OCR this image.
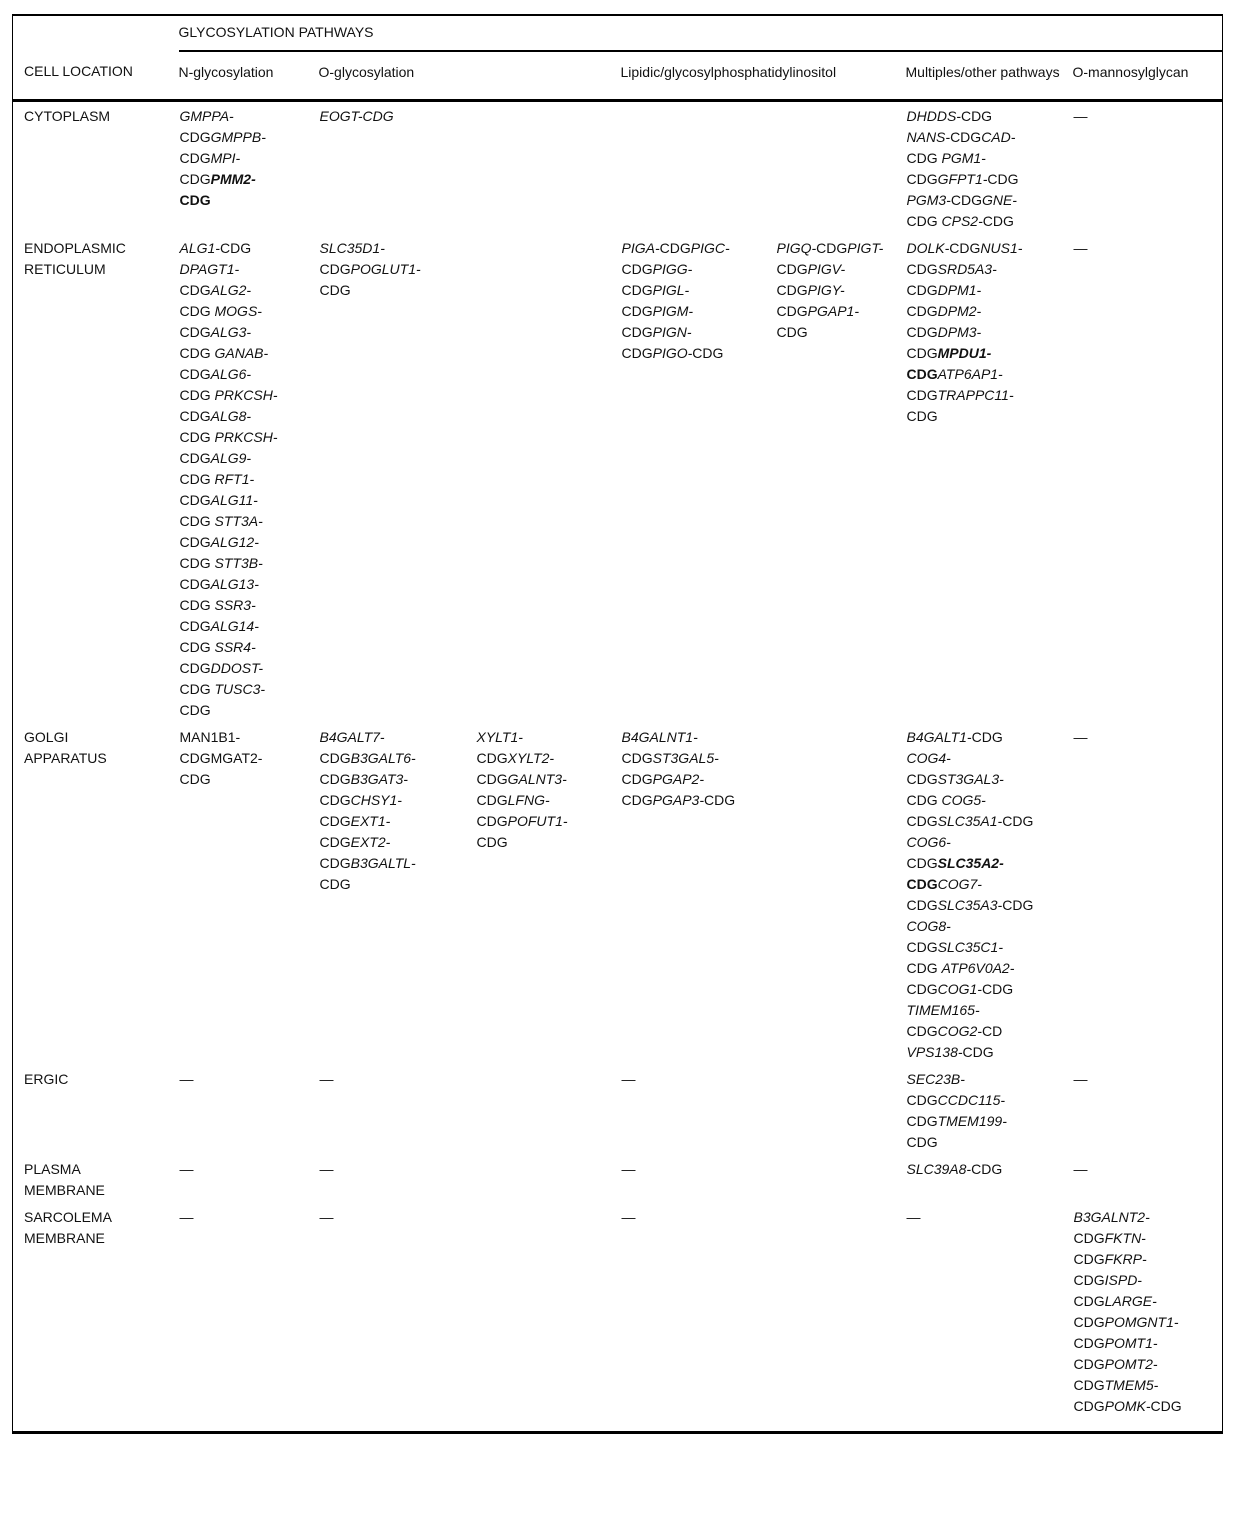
	GLYCOSYLATION PATHWAYS						
CELL LOCATION	N-glycosylation	O-glycosylation		Lipidic/glycosylphosphatidylinositol		Multiples/other pathways	O-mannosylglycan
CYTOPLASM	GMPPA-CDGGMPPB-CDGMPI-CDGPMM2-CDG	EOGT-CDG				DHDDS-CDG NANS-CDGCAD-CDG PGM1-CDGGFPT1-CDG PGM3-CDGGNE-CDG CPS2-CDG	—
ENDOPLASMIC RETICULUM	ALG1-CDG DPAGT1-CDGALG2-CDG MOGS-CDGALG3-CDG GANAB-CDGALG6-CDG PRKCSH-CDGALG8-CDG PRKCSH-CDGALG9-CDG RFT1-CDGALG11-CDG STT3A-CDGALG12-CDG STT3B-CDGALG13-CDG SSR3-CDGALG14-CDG SSR4-CDGDDOST-CDG TUSC3-CDG	SLC35D1-CDGPOGLUT1-CDG		PIGA-CDGPIGC-CDGPIGG-CDGPIGL-CDGPIGM-CDGPIGN-CDGPIGO-CDG	PIGQ-CDGPIGT-CDGPIGV-CDGPIGY-CDGPGAP1-CDG	DOLK-CDGNUS1-CDGSRD5A3-CDGDPM1-CDGDPM2-CDGDPM3-CDGMPDU1-CDGATP6AP1-CDGTRAPPC11-CDG	—
GOLGI APPARATUS	MAN1B1-CDGMGAT2-CDG	B4GALT7-CDGB3GALT6-CDGB3GAT3-CDGCHSY1-CDGEXT1-CDGEXT2-CDGB3GALTL-CDG	XYLT1-CDGXYLT2-CDGGALNT3-CDGLFNG-CDGPOFUT1-CDG	B4GALNT1-CDGST3GAL5-CDGPGAP2-CDGPGAP3-CDG		B4GALT1-CDG COG4-CDGST3GAL3-CDG COG5-CDGSLC35A1-CDG COG6-CDGSLC35A2-CDGCOG7-CDGSLC35A3-CDG COG8-CDGSLC35C1-CDG ATP6V0A2-CDGCOG1-CDG TIMEM165-CDGCOG2-CD VPS138-CDG	—
ERGIC	—	—		—		SEC23B-CDGCCDC115-CDGTMEM199-CDG	—
PLASMA MEMBRANE	—	—		—		SLC39A8-CDG	—
SARCOLEMA MEMBRANE	—	—		—		—	B3GALNT2-CDGFKTN-CDGFKRP-CDGISPD-CDGLARGE-CDGPOMGNT1-CDGPOMT1-CDGPOMT2-CDGTMEM5-CDGPOMK-CDG
